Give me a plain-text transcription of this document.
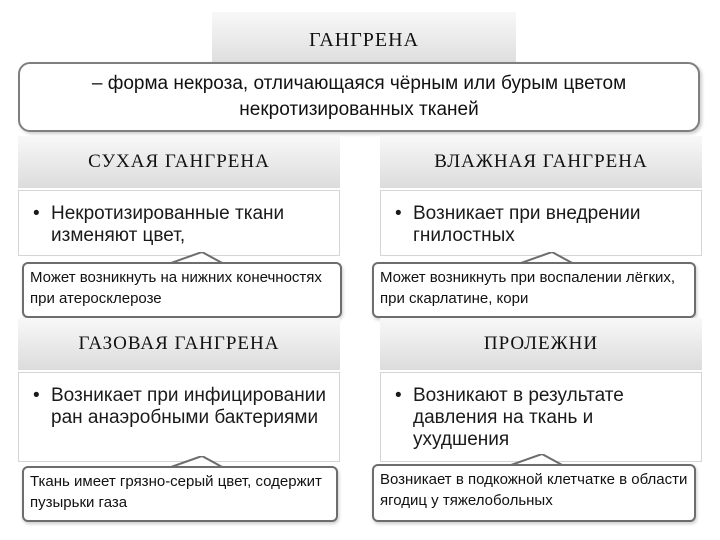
ГАНГРЕНА
– форма некроза, отличающаяся чёрным или бурым цветом некротизированных тканей
СУХАЯ ГАНГРЕНА
• Некротизированные ткани изменяют цвет,
Может возникнуть на нижних конечностях при атеросклерозе
ВЛАЖНАЯ ГАНГРЕНА
• Возникает при внедрении гнилостных
Может возникнуть при воспалении лёгких, при скарлатине, кори
ГАЗОВАЯ ГАНГРЕНА
• Возникает при инфицировании ран анаэробными бактериями
Ткань имеет грязно-серый цвет, содержит пузырьки газа
ПРОЛЕЖНИ
• Возникают в результате давления на ткань и ухудшения
Возникает в подкожной клетчатке в области ягодиц у тяжелобольных
